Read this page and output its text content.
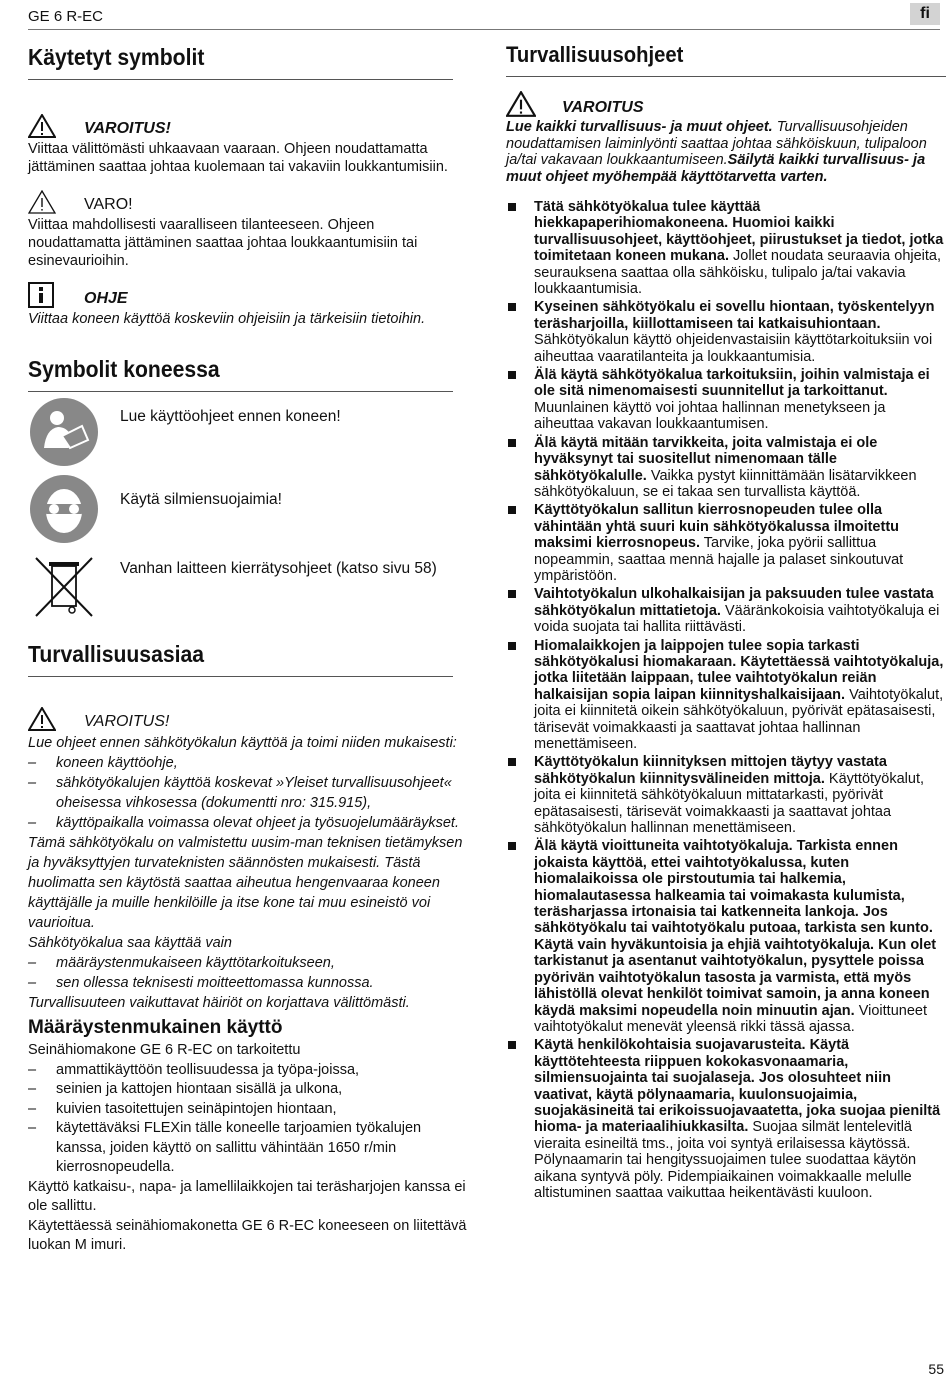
GE 6 R-EC	fi
Käytetyt symbolit
VAROITUS!
Viittaa välittömästi uhkaavaan vaaraan. Ohjeen noudattamatta jättäminen saattaa johtaa kuolemaan tai vakaviin loukkantumisiin.
VARO!
Viittaa mahdollisesti vaaralliseen tilanteeseen. Ohjeen noudattamatta jättäminen saattaa johtaa loukkaantumisiin tai esinevaurioihin.
OHJE
Viittaa koneen käyttöä koskeviin ohjeisiin ja tärkeisiin tietoihin.
Symbolit koneessa
Lue käyttöohjeet ennen koneen!
Käytä silmiensuojaimia!
Vanhan laitteen kierrätysohjeet (katso sivu 58)
Turvallisuusasiaa
VAROITUS!
Lue ohjeet ennen sähkötyökalun käyttöä ja toimi niiden mukaisesti:
–	koneen käyttöohje,
–	sähkötyökalujen käyttöä koskevat »Yleiset turvallisuusohjeet« oheisessa vihkosessa (dokumentti nro: 315.915),
–	käyttöpaikalla voimassa olevat ohjeet ja työsuojelumääräykset.
Tämä sähkötyökalu on valmistettu uusim-man teknisen tietämyksen ja hyväksyttyjen turvateknisten säännösten mukaisesti. Tästä huolimatta sen käytöstä saattaa aiheutua hengenvaaraa koneen käyttäjälle ja muille henkilöille ja itse kone tai muu esineistö voi vaurioitua.
Sähkötyökalua saa käyttää vain
–	määräystenmukaiseen käyttötarkoitukseen,
–	sen ollessa teknisesti moitteettomassa kunnossa.
Turvallisuuteen vaikuttavat häiriöt on korjattava välittömästi.
Määräystenmukainen käyttö
Seinähiomakone GE 6 R-EC on tarkoitettu
–	ammattikäyttöön teollisuudessa ja työpa-joissa,
–	seinien ja kattojen hiontaan sisällä ja ulkona,
–	kuivien tasoitettujen seinäpintojen hiontaan,
–	käytettäväksi FLEXin tälle koneelle tarjoamien työkalujen kanssa, joiden käyttö on sallittu vähintään 1650 r/min kierrosnopeudella.
Käyttö katkaisu-, napa- ja lamellilaikkojen tai teräsharjojen kanssa ei ole sallittu.
Käytettäessä seinähiomakonetta GE 6 R-EC koneeseen on liitettävä luokan M imuri.
Turvallisuusohjeet
VAROITUS
Lue kaikki turvallisuus- ja muut ohjeet. Turvallisuusohjeiden noudattamisen laiminlyönti saattaa johtaa sähköiskuun, tulipaloon ja/tai vakavaan loukkaantumiseen.Säilytä kaikki turvallisuus- ja muut ohjeet myöhempää käyttötarvetta varten.
Tätä sähkötyökalua tulee käyttää hiekkapaperihiomakoneena. Huomioi kaikki turvallisuusohjeet, käyttöohjeet, piirustukset ja tiedot, jotka toimitetaan koneen mukana. Jollet noudata seuraavia ohjeita, seurauksena saattaa olla sähköisku, tulipalo ja/tai vakavia loukkaantumisia.
Kyseinen sähkötyökalu ei sovellu hiontaan, työskentelyyn teräsharjoilla, kiillottamiseen tai katkaisuhiontaan. Sähkötyökalun käyttö ohjeidenvastaisiin käyttötarkoituksiin voi aiheuttaa vaaratilanteita ja loukkaantumisia.
Älä käytä sähkötyökalua tarkoituksiin, joihin valmistaja ei ole sitä nimenomaisesti suunnitellut ja tarkoittanut. Muunlainen käyttö voi johtaa hallinnan menetykseen ja aiheuttaa vakavan loukkaantumisen.
Älä käytä mitään tarvikkeita, joita valmistaja ei ole hyväksynyt tai suositellut nimenomaan tälle sähkötyökalulle. Vaikka pystyt kiinnittämään lisätarvikkeen sähkötyökaluun, se ei takaa sen turvallista käyttöä.
Käyttötyökalun sallitun kierrosnopeuden tulee olla vähintään yhtä suuri kuin sähkötyökalussa ilmoitettu maksimi kierrosnopeus. Tarvike, joka pyörii sallittua nopeammin, saattaa mennä hajalle ja palaset sinkoutuvat ympäristöön.
Vaihtotyökalun ulkohalkaisijan ja paksuuden tulee vastata sähkötyökalun mittatietoja. Vääränkokoisia vaihtotyökaluja ei voida suojata tai hallita riittävästi.
Hiomalaikkojen ja laippojen tulee sopia tarkasti sähkötyökalusi hiomakaraan. Käytettäessä vaihtotyökaluja, jotka liitetään laippaan, tulee vaihtotyökalun reiän halkaisijan sopia laipan kiinnityshalkaisijaan. Vaihtotyökalut, joita ei kiinnitetä oikein sähkötyökaluun, pyörivät epätasaisesti, tärisevät voimakkaasti ja saattavat johtaa hallinnan menettämiseen.
Käyttötyökalun kiinnityksen mittojen täytyy vastata sähkötyökalun kiinnitysvälineiden mittoja. Käyttötyökalut, joita ei kiinnitetä sähkötyökaluun mittatarkasti, pyörivät epätasaisesti, tärisevät voimakkaasti ja saattavat johtaa sähkötyökalun hallinnan menettämiseen.
Älä käytä vioittuneita vaihtotyökaluja. Tarkista ennen jokaista käyttöä, ettei vaihtotyökalussa, kuten hiomalaikoissa ole pirstoutumia tai halkemia, hiomalautasessa halkeamia tai voimakasta kulumista, teräsharjassa irtonaisia tai katkenneita lankoja. Jos sähkötyökalu tai vaihtotyökalu putoaa, tarkista sen kunto. Käytä vain hyväkuntoisia ja ehjiä vaihtotyökaluja. Kun olet tarkistanut ja asentanut vaihtotyökalun, pysyttele poissa pyörivän vaihtotyökalun tasosta ja varmista, että myös lähistöllä olevat henkilöt toimivat samoin, ja anna koneen käydä maksimi nopeudella noin minuutin ajan. Vioittuneet vaihtotyökalut menevät yleensä rikki tässä ajassa.
Käytä henkilökohtaisia suojavarusteita. Käytä käyttötehteesta riippuen kokokasvonaamaria, silmiensuojainta tai suojalaseja. Jos olosuhteet niin vaativat, käytä pölynaamaria, kuulonsuojaimia, suojakäsineitä tai erikoissuojavaatetta, joka suojaa pieniltä hioma- ja materiaalihiukkasilta. Suojaa silmät lentelevitlä vieraita esineiltä tms., joita voi syntyä erilaisessa käytössä. Pölynaamarin tai hengityssuojaimen tulee suodattaa käytön aikana syntyvä pöly. Pidempiaikainen voimakkaalle melulle altistuminen saattaa vaikuttaa heikentävästi kuuloon.
55
